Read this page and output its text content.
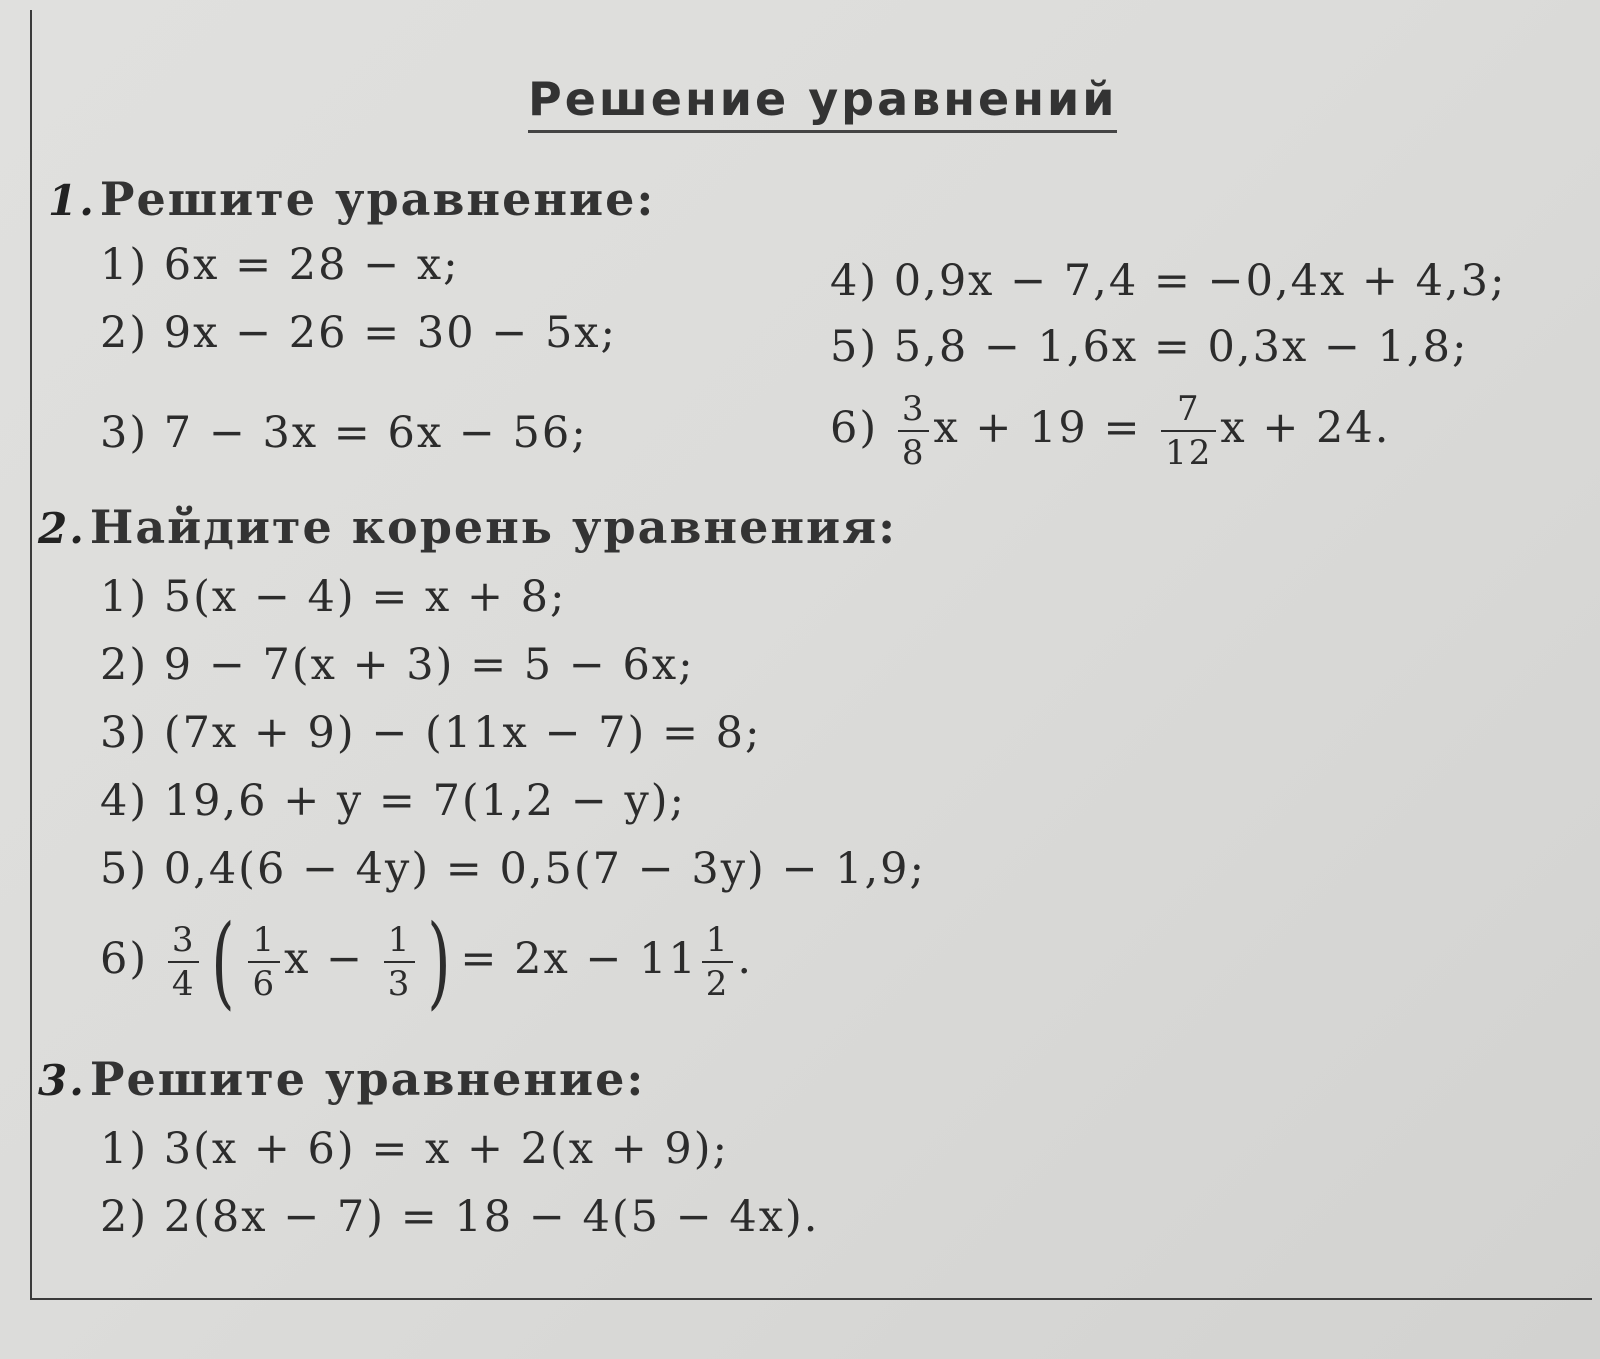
Решение уравнений
1.Решите уравнение:
1) 6x = 28 − x;
2) 9x − 26 = 30 − 5x;
3) 7 − 3x = 6x − 56;
4) 0,9x − 7,4 = −0,4x + 4,3;
5) 5,8 − 1,6x = 0,3x − 1,8;
$6) \frac{3}{8}$ $x + 19 = \frac{7}{12}$ x + 24.
2.Найдите корень уравнения:
1) 5(x − 4) = x + 8;
2) 9 − 7(x + 3) = 5 − 6x;
3) (7x + 9) − (11x − 7) = 8;
4) 19,6 + y = 7(1,2 − y);
5) 0,4(6 − 4y) = 0,5(7 − 3y) − 1,9;
$6) \frac{3}{4}$ ( $\frac{1}{6}$ $x - \frac{1}{3}$ ) = $2x - 11 \frac{1}{2}$ .
3.Решите уравнение:
1) 3(x + 6) = x + 2(x + 9);
2) 2(8x − 7) = 18 − 4(5 − 4x).
